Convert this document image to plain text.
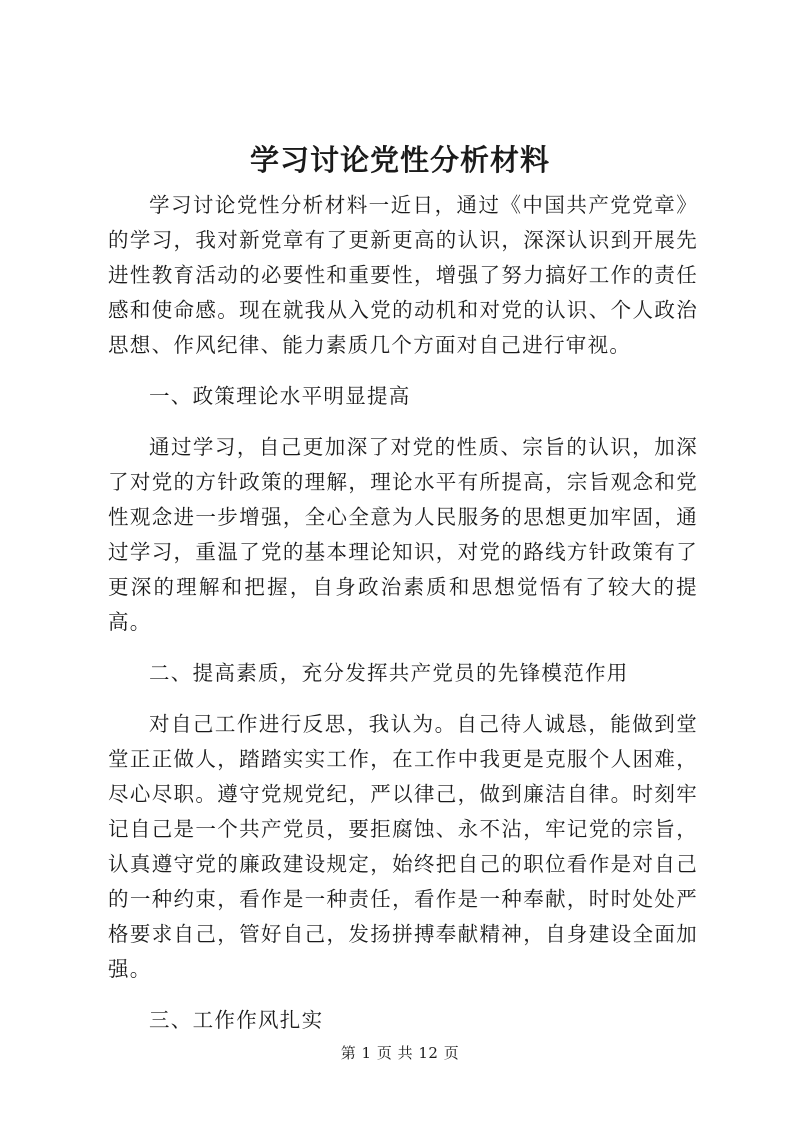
学习讨论党性分析材料

学习讨论党性分析材料一近日，通过《中国共产党党章》的学习，我对新党章有了更新更高的认识，深深认识到开展先进性教育活动的必要性和重要性，增强了努力搞好工作的责任感和使命感。现在就我从入党的动机和对党的认识、个人政治思想、作风纪律、能力素质几个方面对自己进行审视。

一、政策理论水平明显提高

通过学习，自己更加深了对党的性质、宗旨的认识，加深了对党的方针政策的理解，理论水平有所提高，宗旨观念和党性观念进一步增强，全心全意为人民服务的思想更加牢固，通过学习，重温了党的基本理论知识，对党的路线方针政策有了更深的理解和把握，自身政治素质和思想觉悟有了较大的提高。

二、提高素质，充分发挥共产党员的先锋模范作用

对自己工作进行反思，我认为。自己待人诚恳，能做到堂堂正正做人，踏踏实实工作，在工作中我更是克服个人困难，尽心尽职。遵守党规党纪，严以律己，做到廉洁自律。时刻牢记自己是一个共产党员，要拒腐蚀、永不沾，牢记党的宗旨，认真遵守党的廉政建设规定，始终把自己的职位看作是对自己的一种约束，看作是一种责任，看作是一种奉献，时时处处严格要求自己，管好自己，发扬拼搏奉献精神，自身建设全面加强。

三、工作作风扎实

第 1 页 共 12 页
